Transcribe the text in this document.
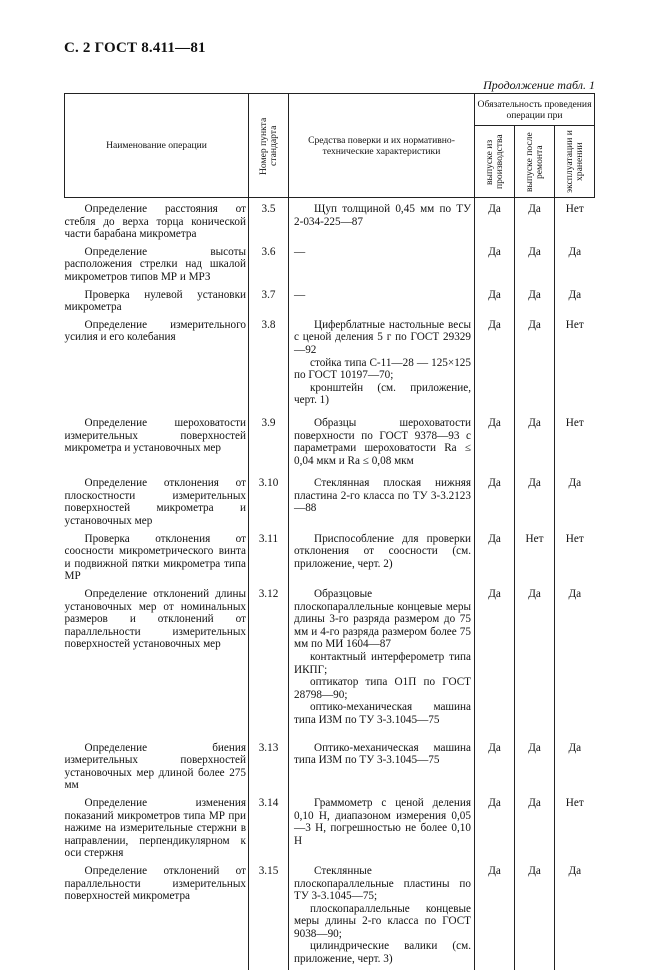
С. 2 ГОСТ 8.411—81
Продолжение табл. 1
Наименование операции	Номер пункта стандарта	Средства поверки и их нормативно-технические характеристики	Обязательность проведения операции при		

			выпуске из производства	выпуске после ремонта	эксплуатации и хранении

Определение расстояния от стебля до верха торца конической части барабана микрометра	3.5	Щуп толщиной 0,45 мм по ТУ 2-034-225—87	Да	Да	Нет

Определение высоты расположения стрелки над шкалой микрометров типов МР и МРЗ	3.6	—	Да	Да	Да

Проверка нулевой установки микрометра	3.7	—	Да	Да	Да

Определение измерительного усилия и его колебания	3.8	Циферблатные настольные весы с ценой деления 5 г по ГОСТ 29329—92
стойка типа С-11—28 — 125×125 по ГОСТ 10197—70;
кронштейн (см. приложение, черт. 1)	Да	Да	Нет

Определение шероховатости измерительных поверхностей микрометра и установочных мер	3.9	Образцы шероховатости поверхности по ГОСТ 9378—93 с параметрами шероховатости Ra ≤ 0,04 мкм и Ra ≤ 0,08 мкм	Да	Да	Нет

Определение отклонения от плоскостности измерительных поверхностей микрометра и установочных мер	3.10	Стеклянная плоская нижняя пластина 2-го класса по ТУ 3-3.2123—88	Да	Да	Да

Проверка отклонения от соосности микрометрического винта и подвижной пятки микрометра типа МР	3.11	Приспособление для проверки отклонения от соосности (см. приложение, черт. 2)	Да	Нет	Нет

Определение отклонений длины установочных мер от номинальных размеров и отклонений от параллельности измерительных поверхностей установочных мер	3.12	Образцовые плоскопараллельные концевые меры длины 3-го разряда размером до 75 мм и 4-го разряда размером более 75 мм по МИ 1604—87
контактный интерферометр типа ИКПГ;
оптикатор типа О1П по ГОСТ 28798—90;
оптико-механическая машина типа ИЗМ по ТУ 3-3.1045—75	Да	Да	Да

Определение биения измерительных поверхностей установочных мер длиной более 275 мм	3.13	Оптико-механическая машина типа ИЗМ по ТУ 3-3.1045—75	Да	Да	Да

Определение изменения показаний микрометров типа МР при нажиме на измерительные стержни в направлении, перпендикулярном к оси стержня	3.14	Граммометр с ценой деления 0,10 Н, диапазоном измерения 0,05—3 Н, погрешностью не более 0,10 Н	Да	Да	Нет

Определение отклонений от параллельности измерительных поверхностей микрометра	3.15	Стеклянные плоскопараллельные пластины по ТУ 3-3.1045—75;
плоскопараллельные концевые меры длины 2-го класса по ГОСТ 9038—90;
цилиндрические валики (см. приложение, черт. 3)	Да	Да	Да
